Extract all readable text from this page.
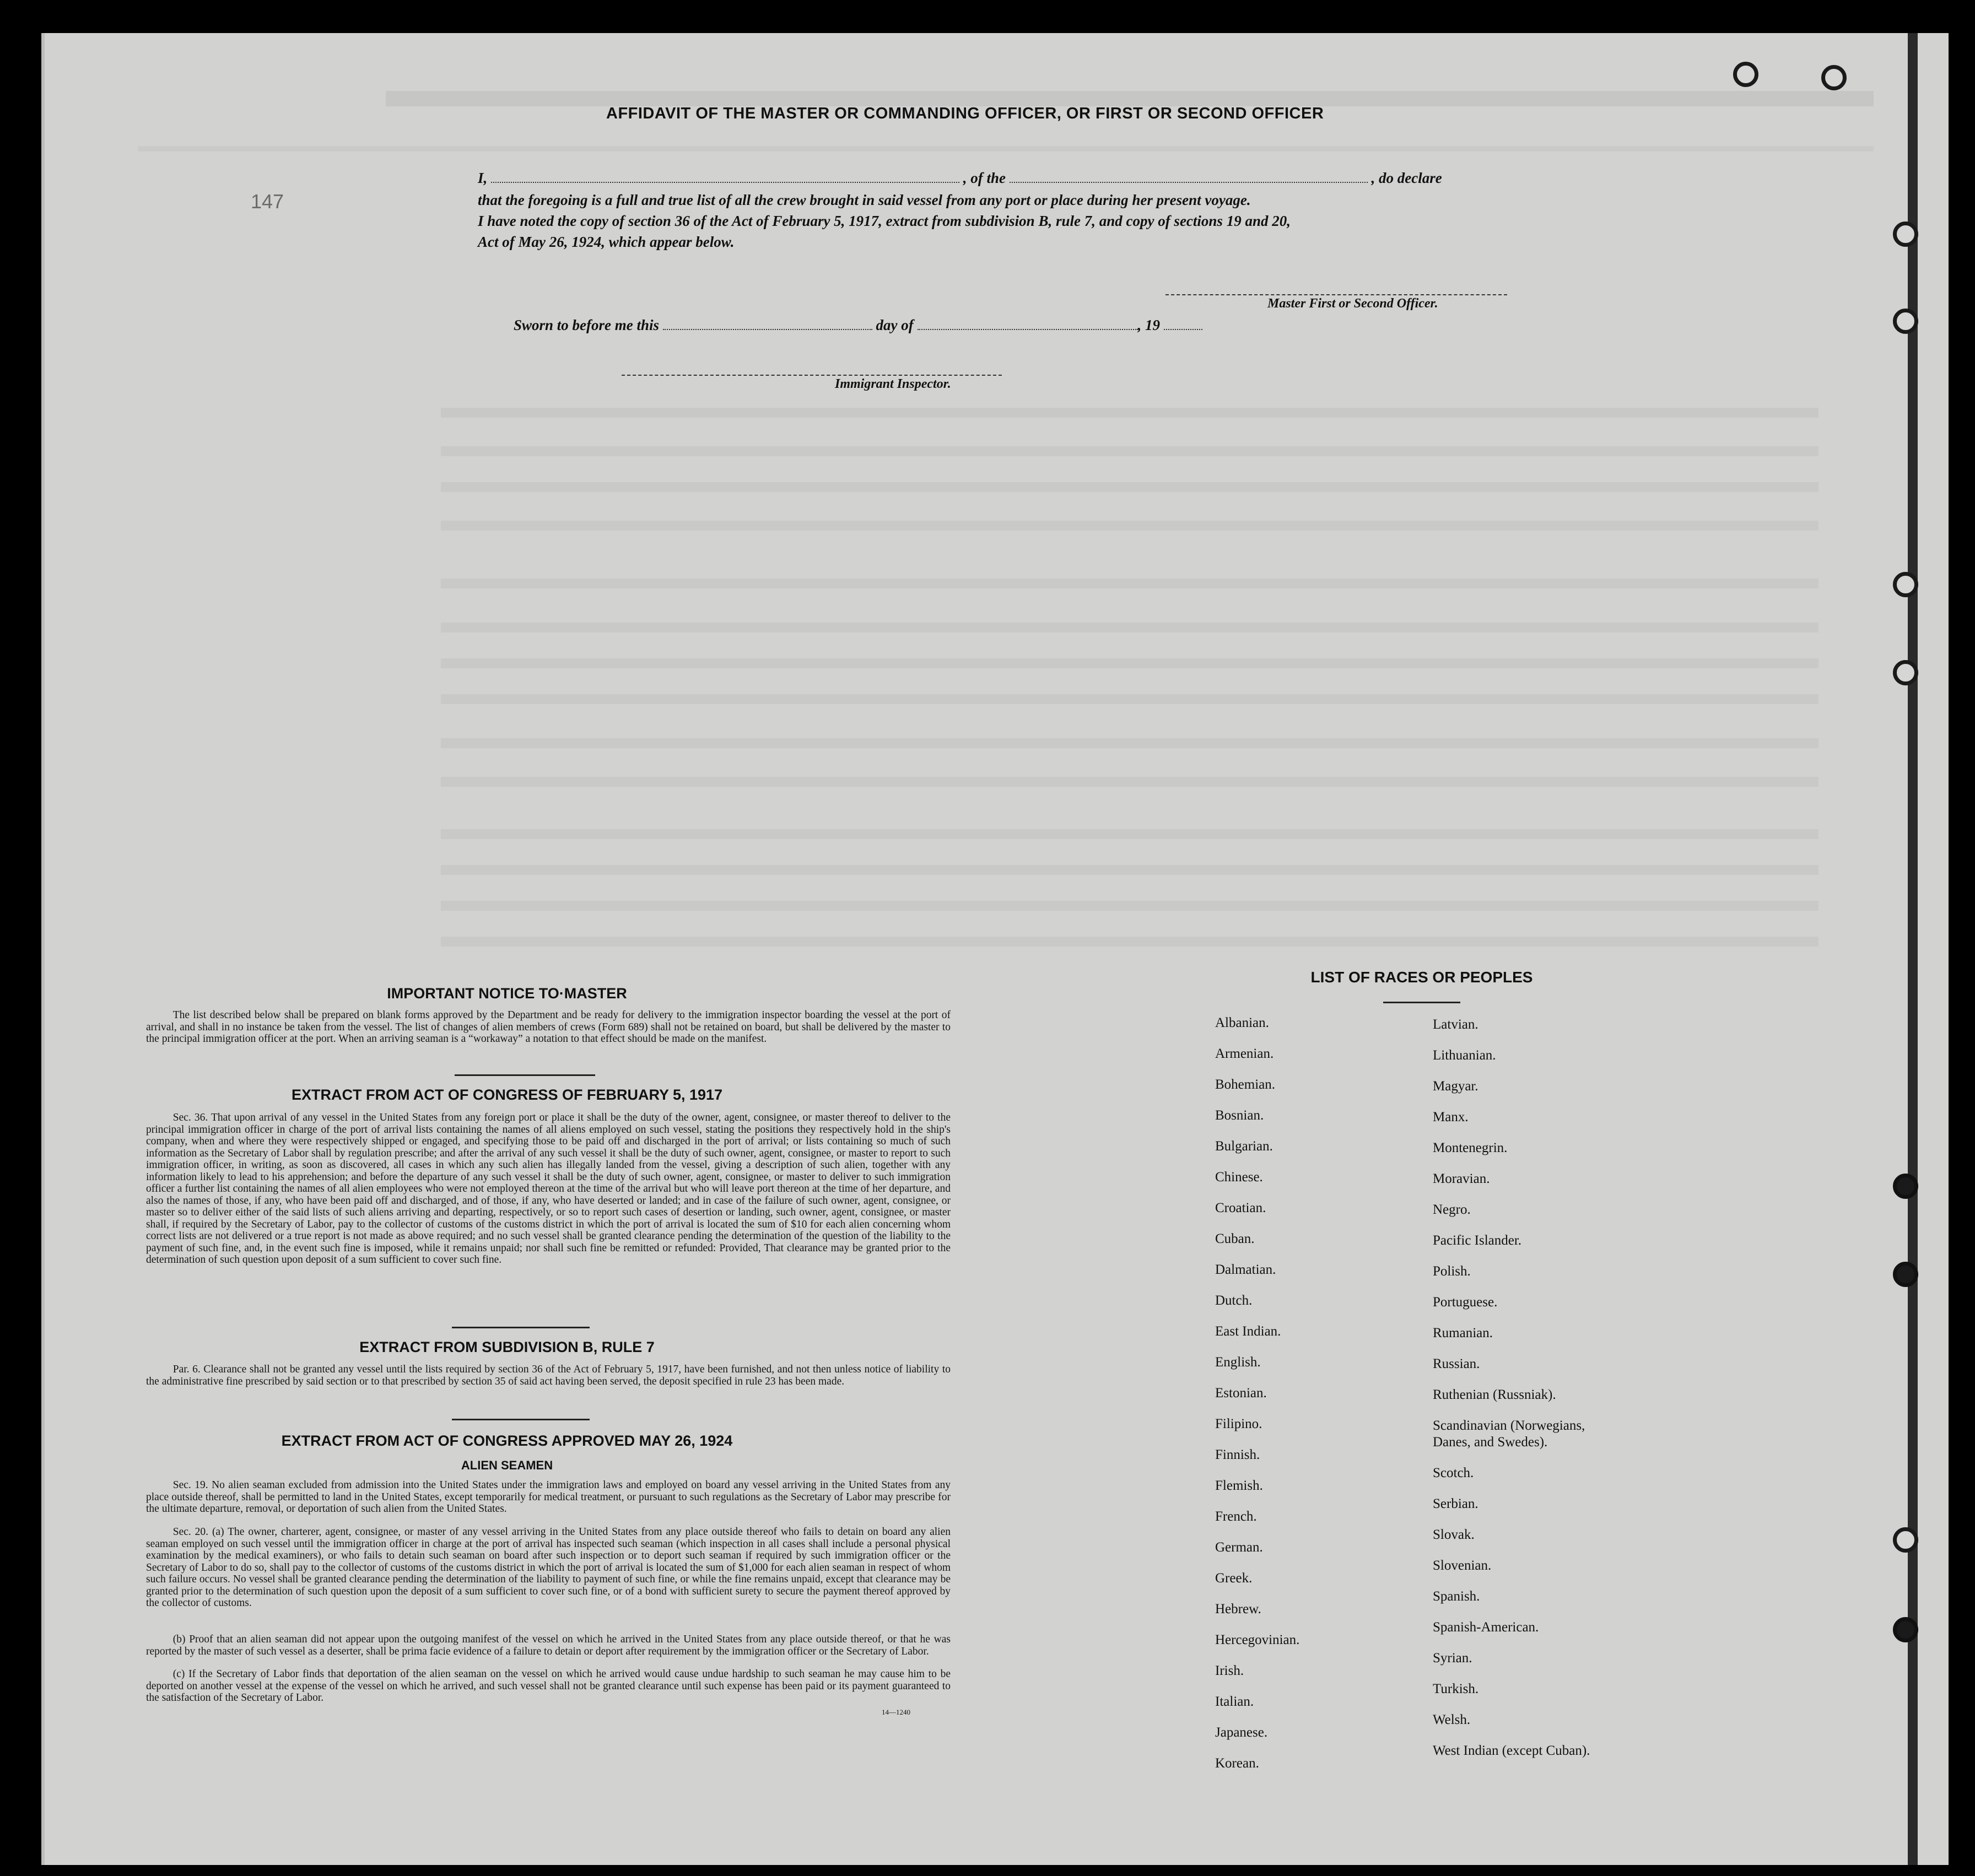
147
AFFIDAVIT OF THE MASTER OR COMMANDING OFFICER, OR FIRST OR SECOND OFFICER
I,	, of the	, do declare
that the foregoing is a full and true list of all the crew brought in said vessel from any port or place during her present voyage.
I have noted the copy of section 36 of the Act of February 5, 1917, extract from subdivision B, rule 7, and copy of sections 19 and 20,
Act of May 26, 1924, which appear below.
Master First or Second Officer.
Sworn to before me this	day of	, 19
Immigrant Inspector.
IMPORTANT NOTICE TO·MASTER
The list described below shall be prepared on blank forms approved by the Department and be ready for delivery to the immigration inspector boarding the vessel at the port of arrival, and shall in no instance be taken from the vessel. The list of changes of alien members of crews (Form 689) shall not be retained on board, but shall be delivered by the master to the principal immigration officer at the port. When an arriving seaman is a “workaway” a notation to that effect should be made on the manifest.
EXTRACT FROM ACT OF CONGRESS OF FEBRUARY 5, 1917
Sec. 36. That upon arrival of any vessel in the United States from any foreign port or place it shall be the duty of the owner, agent, consignee, or master thereof to deliver to the principal immigration officer in charge of the port of arrival lists containing the names of all aliens employed on such vessel, stating the positions they respectively hold in the ship's company, when and where they were respectively shipped or engaged, and specifying those to be paid off and discharged in the port of arrival; or lists containing so much of such information as the Secretary of Labor shall by regulation prescribe; and after the arrival of any such vessel it shall be the duty of such owner, agent, consignee, or master to report to such immigration officer, in writing, as soon as discovered, all cases in which any such alien has illegally landed from the vessel, giving a description of such alien, together with any information likely to lead to his apprehension; and before the departure of any such vessel it shall be the duty of such owner, agent, consignee, or master to deliver to such immigration officer a further list containing the names of all alien employees who were not employed thereon at the time of the arrival but who will leave port thereon at the time of her departure, and also the names of those, if any, who have been paid off and discharged, and of those, if any, who have deserted or landed; and in case of the failure of such owner, agent, consignee, or master so to deliver either of the said lists of such aliens arriving and departing, respectively, or so to report such cases of desertion or landing, such owner, agent, consignee, or master shall, if required by the Secretary of Labor, pay to the collector of customs of the customs district in which the port of arrival is located the sum of $10 for each alien concerning whom correct lists are not delivered or a true report is not made as above required; and no such vessel shall be granted clearance pending the determination of the question of the liability to the payment of such fine, and, in the event such fine is imposed, while it remains unpaid; nor shall such fine be remitted or refunded: Provided, That clearance may be granted prior to the determination of such question upon deposit of a sum sufficient to cover such fine.
EXTRACT FROM SUBDIVISION B, RULE 7
Par. 6. Clearance shall not be granted any vessel until the lists required by section 36 of the Act of February 5, 1917, have been furnished, and not then unless notice of liability to the administrative fine prescribed by said section or to that prescribed by section 35 of said act having been served, the deposit specified in rule 23 has been made.
EXTRACT FROM ACT OF CONGRESS APPROVED MAY 26, 1924
ALIEN SEAMEN
Sec. 19. No alien seaman excluded from admission into the United States under the immigration laws and employed on board any vessel arriving in the United States from any place outside thereof, shall be permitted to land in the United States, except temporarily for medical treatment, or pursuant to such regulations as the Secretary of Labor may prescribe for the ultimate departure, removal, or deportation of such alien from the United States.
Sec. 20. (a) The owner, charterer, agent, consignee, or master of any vessel arriving in the United States from any place outside thereof who fails to detain on board any alien seaman employed on such vessel until the immigration officer in charge at the port of arrival has inspected such seaman (which inspection in all cases shall include a personal physical examination by the medical examiners), or who fails to detain such seaman on board after such inspection or to deport such seaman if required by such immigration officer or the Secretary of Labor to do so, shall pay to the collector of customs of the customs district in which the port of arrival is located the sum of $1,000 for each alien seaman in respect of whom such failure occurs. No vessel shall be granted clearance pending the determination of the liability to payment of such fine, or while the fine remains unpaid, except that clearance may be granted prior to the determination of such question upon the deposit of a sum sufficient to cover such fine, or of a bond with sufficient surety to secure the payment thereof approved by the collector of customs.
(b) Proof that an alien seaman did not appear upon the outgoing manifest of the vessel on which he arrived in the United States from any place outside thereof, or that he was reported by the master of such vessel as a deserter, shall be prima facie evidence of a failure to detain or deport after requirement by the immigration officer or the Secretary of Labor.
(c) If the Secretary of Labor finds that deportation of the alien seaman on the vessel on which he arrived would cause undue hardship to such seaman he may cause him to be deported on another vessel at the expense of the vessel on which he arrived, and such vessel shall not be granted clearance until such expense has been paid or its payment guaranteed to the satisfaction of the Secretary of Labor.
14—1240
LIST OF RACES OR PEOPLES
Albanian.
Armenian.
Bohemian.
Bosnian.
Bulgarian.
Chinese.
Croatian.
Cuban.
Dalmatian.
Dutch.
East Indian.
English.
Estonian.
Filipino.
Finnish.
Flemish.
French.
German.
Greek.
Hebrew.
Hercegovinian.
Irish.
Italian.
Japanese.
Korean.
Latvian.
Lithuanian.
Magyar.
Manx.
Montenegrin.
Moravian.
Negro.
Pacific Islander.
Polish.
Portuguese.
Rumanian.
Russian.
Ruthenian (Russniak).
Scandinavian (Norwegians,
Danes, and Swedes).
Scotch.
Serbian.
Slovak.
Slovenian.
Spanish.
Spanish-American.
Syrian.
Turkish.
Welsh.
West Indian (except Cuban).
